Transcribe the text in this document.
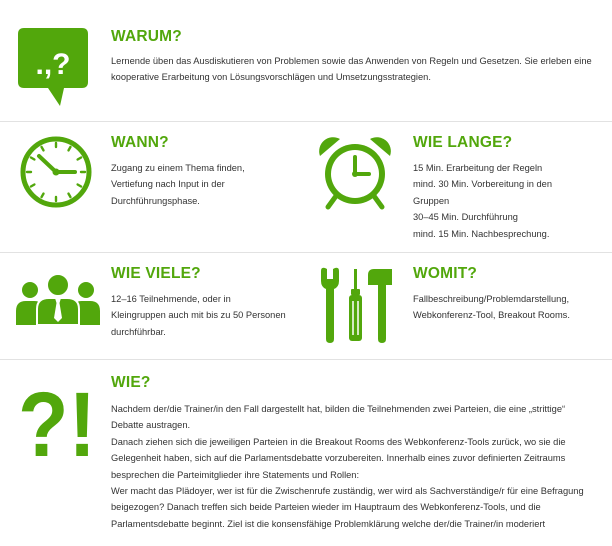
.,?
WARUM?

Lernende üben das Ausdiskutieren von Problemen sowie das Anwenden von Regeln und Gesetzen. Sie erleben eine kooperative Erarbeitung von Lösungsvorschlägen und Umsetzungsstrategien.

WANN?

Zugang zu einem Thema finden,

Vertiefung nach Input in der

Durchführungsphase.

WIE LANGE?

15 Min. Erarbeitung der Regeln

mind. 30 Min. Vorbereitung in den

Gruppen

30–45 Min. Durchführung

mind. 15 Min. Nachbesprechung.

WIE VIELE?

12–16 Teilnehmende, oder in

Kleingruppen auch mit bis zu 50 Personen

durchführbar.

WOMIT?

Fallbeschreibung/Problemdarstellung,

Webkonferenz-Tool, Breakout Rooms.

?! WIE?

Nachdem der/die Trainer/in den Fall dargestellt hat, bilden die Teilnehmenden zwei Parteien, die eine „strittige“ Debatte austragen.

Danach ziehen sich die jeweiligen Parteien in die Breakout Rooms des Webkonferenz-Tools zurück, wo sie die Gelegenheit haben, sich auf die Parlamentsdebatte vorzubereiten. Innerhalb eines zuvor definierten Zeitraums besprechen die Parteimitglieder ihre Statements und Rollen:

Wer macht das Plädoyer, wer ist für die Zwischenrufe zuständig, wer wird als Sachverständige/r für eine Befragung beigezogen? Danach treffen sich beide Parteien wieder im Hauptraum des Webkonferenz-Tools, und die Parlamentsdebatte beginnt. Ziel ist die konsensfähige Problemklärung welche der/die Trainer/in moderiert
